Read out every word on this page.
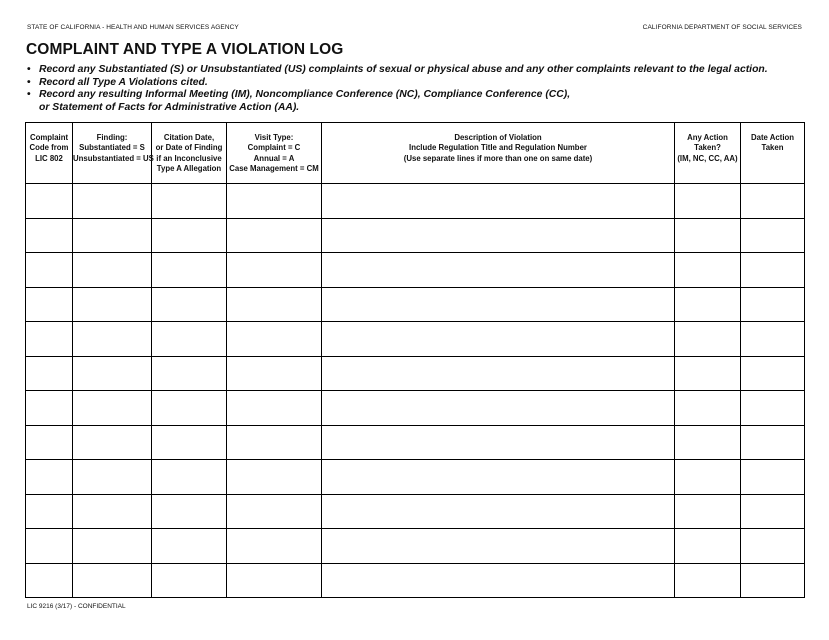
STATE OF CALIFORNIA - HEALTH AND HUMAN SERVICES AGENCY	CALIFORNIA DEPARTMENT OF SOCIAL SERVICES
COMPLAINT AND TYPE A VIOLATION LOG
• Record any Substantiated (S) or Unsubstantiated (US) complaints of sexual or physical abuse and any other complaints relevant to the legal action.
• Record all Type A Violations cited.
• Record any resulting Informal Meeting (IM), Noncompliance Conference (NC), Compliance Conference (CC),
or Statement of Facts for Administrative Action (AA).
Complaint
Code from
LIC 802	Finding:
Substantiated = S
Unsubstantiated = US	Citation Date,
or Date of Finding
if an Inconclusive
Type A Allegation	Visit Type:
Complaint = C
Annual = A
Case Management = CM	Description of Violation
Include Regulation Title and Regulation Number
(Use separate lines if more than one on same date)	Any Action
Taken?
(IM, NC, CC, AA)	Date Action
Taken

LIC 9216 (3/17) - CONFIDENTIAL
